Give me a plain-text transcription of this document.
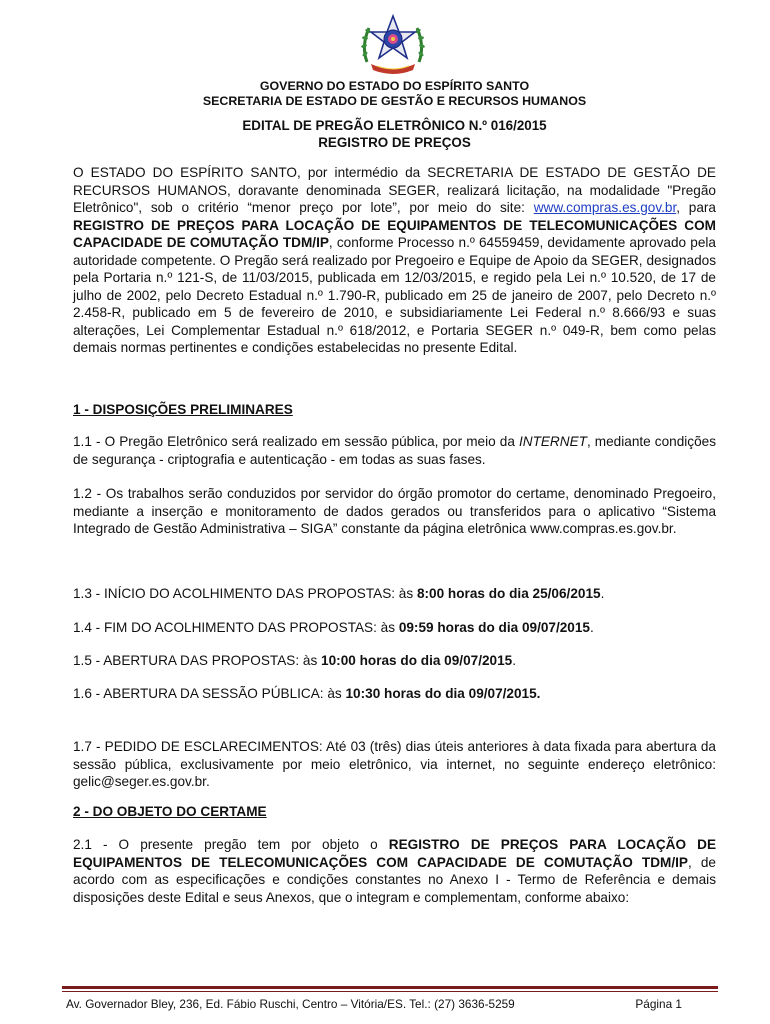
GOVERNO DO ESTADO DO ESPÍRITO SANTO
SECRETARIA DE ESTADO DE GESTÃO E RECURSOS HUMANOS
EDITAL DE PREGÃO ELETRÔNICO N.º 016/2015
REGISTRO DE PREÇOS

O ESTADO DO ESPÍRITO SANTO, por intermédio da SECRETARIA DE ESTADO DE GESTÃO DE RECURSOS HUMANOS, doravante denominada SEGER, realizará licitação, na modalidade "Pregão Eletrônico", sob o critério “menor preço por lote”, por meio do site: www.compras.es.gov.br, para REGISTRO DE PREÇOS PARA LOCAÇÃO DE EQUIPAMENTOS DE TELECOMUNICAÇÕES COM CAPACIDADE DE COMUTAÇÃO TDM/IP, conforme Processo n.º 64559459, devidamente aprovado pela autoridade competente. O Pregão será realizado por Pregoeiro e Equipe de Apoio da SEGER, designados pela Portaria n.º 121-S, de 11/03/2015, publicada em 12/03/2015, e regido pela Lei n.º 10.520, de 17 de julho de 2002, pelo Decreto Estadual n.º 1.790-R, publicado em 25 de janeiro de 2007, pelo Decreto n.º 2.458-R, publicado em 5 de fevereiro de 2010, e subsidiariamente Lei Federal n.º 8.666/93 e suas alterações, Lei Complementar Estadual n.º 618/2012, e Portaria SEGER n.º 049-R, bem como pelas demais normas pertinentes e condições estabelecidas no presente Edital.

1 - DISPOSIÇÕES PRELIMINARES

1.1 - O Pregão Eletrônico será realizado em sessão pública, por meio da INTERNET, mediante condições de segurança - criptografia e autenticação - em todas as suas fases.

1.2 - Os trabalhos serão conduzidos por servidor do órgão promotor do certame, denominado Pregoeiro, mediante a inserção e monitoramento de dados gerados ou transferidos para o aplicativo “Sistema Integrado de Gestão Administrativa – SIGA” constante da página eletrônica www.compras.es.gov.br.

1.3 - INÍCIO DO ACOLHIMENTO DAS PROPOSTAS: às 8:00 horas do dia 25/06/2015.

1.4 - FIM DO ACOLHIMENTO DAS PROPOSTAS: às 09:59 horas do dia 09/07/2015.

1.5 - ABERTURA DAS PROPOSTAS: às 10:00 horas do dia 09/07/2015.

1.6 - ABERTURA DA SESSÃO PÚBLICA: às 10:30 horas do dia 09/07/2015.

1.7 - PEDIDO DE ESCLARECIMENTOS: Até 03 (três) dias úteis anteriores à data fixada para abertura da sessão pública, exclusivamente por meio eletrônico, via internet, no seguinte endereço eletrônico: gelic@seger.es.gov.br.

2 - DO OBJETO DO CERTAME

2.1 - O presente pregão tem por objeto o REGISTRO DE PREÇOS PARA LOCAÇÃO DE EQUIPAMENTOS DE TELECOMUNICAÇÕES COM CAPACIDADE DE COMUTAÇÃO TDM/IP, de acordo com as especificações e condições constantes no Anexo I - Termo de Referência e demais disposições deste Edital e seus Anexos, que o integram e complementam, conforme abaixo:

Av. Governador Bley, 236, Ed. Fábio Ruschi, Centro – Vitória/ES. Tel.: (27) 3636-5259	Página 1
